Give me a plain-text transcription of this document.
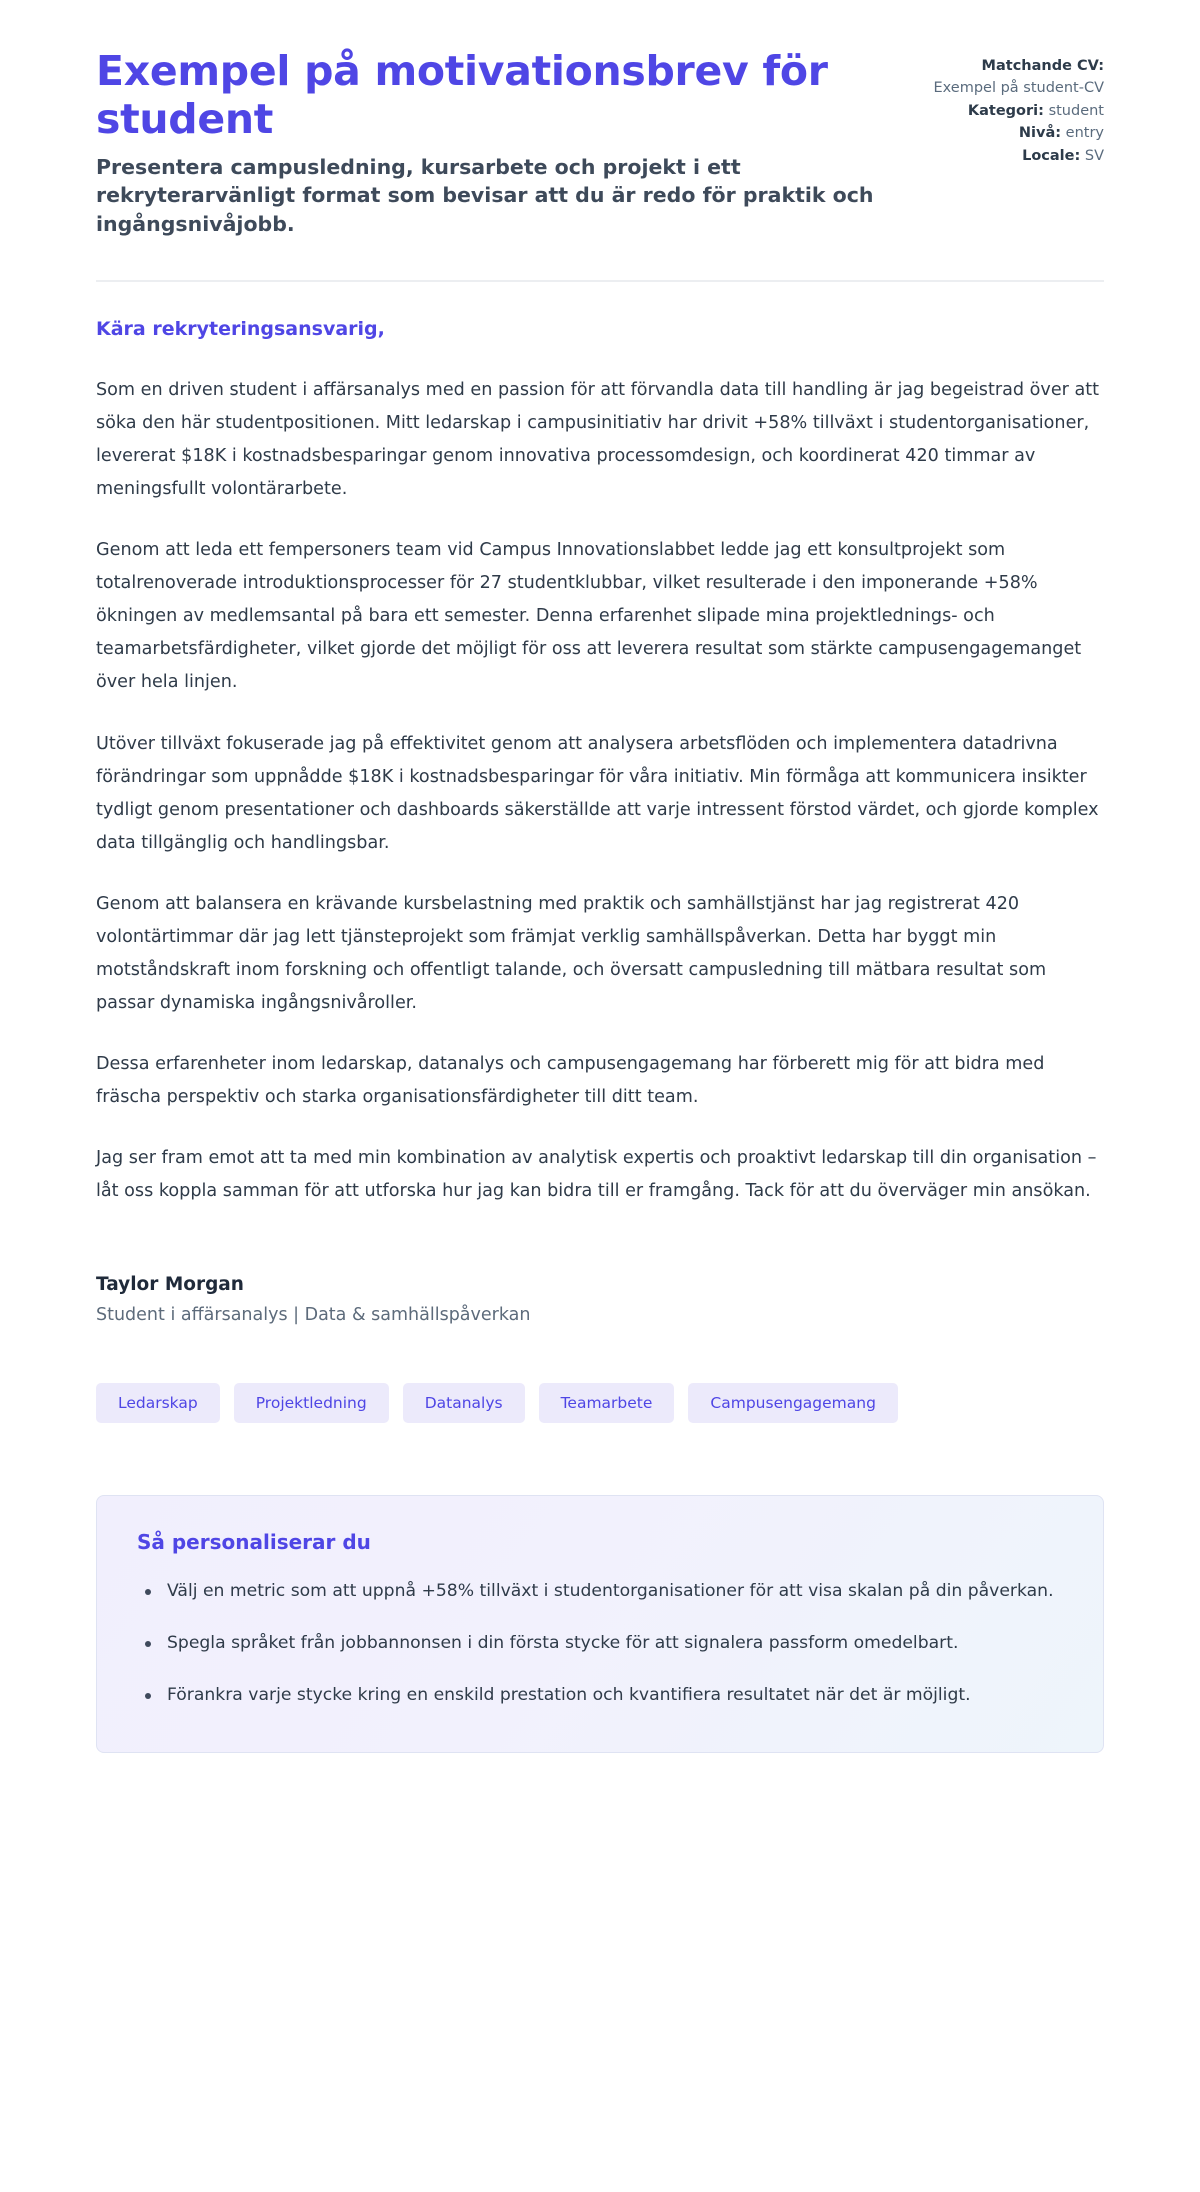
Exempel på motivationsbrev för student

Presentera campusledning, kursarbete och projekt i ett rekryterarvänligt format som bevisar att du är redo för praktik och ingångsnivåjobb.

Matchande CV: Exempel på student-CV
Kategori: student
Nivå: entry
Locale: SV

Kära rekryteringsansvarig,

Som en driven student i affärsanalys med en passion för att förvandla data till handling är jag begeistrad över att söka den här studentpositionen. Mitt ledarskap i campusinitiativ har drivit +58% tillväxt i studentorganisationer, levererat $18K i kostnadsbesparingar genom innovativa processomdesign, och koordinerat 420 timmar av meningsfullt volontärarbete.

Genom att leda ett fempersoners team vid Campus Innovationslabbet ledde jag ett konsultprojekt som totalrenoverade introduktionsprocesser för 27 studentklubbar, vilket resulterade i den imponerande +58% ökningen av medlemsantal på bara ett semester. Denna erfarenhet slipade mina projektlednings- och teamarbetsfärdigheter, vilket gjorde det möjligt för oss att leverera resultat som stärkte campusengagemanget över hela linjen.

Utöver tillväxt fokuserade jag på effektivitet genom att analysera arbetsflöden och implementera datadrivna förändringar som uppnådde $18K i kostnadsbesparingar för våra initiativ. Min förmåga att kommunicera insikter tydligt genom presentationer och dashboards säkerställde att varje intressent förstod värdet, och gjorde komplex data tillgänglig och handlingsbar.

Genom att balansera en krävande kursbelastning med praktik och samhällstjänst har jag registrerat 420 volontärtimmar där jag lett tjänsteprojekt som främjat verklig samhällspåverkan. Detta har byggt min motståndskraft inom forskning och offentligt talande, och översatt campusledning till mätbara resultat som passar dynamiska ingångsnivåroller.

Dessa erfarenheter inom ledarskap, datanalys och campusengagemang har förberett mig för att bidra med fräscha perspektiv och starka organisationsfärdigheter till ditt team.

Jag ser fram emot att ta med min kombination av analytisk expertis och proaktivt ledarskap till din organisation – låt oss koppla samman för att utforska hur jag kan bidra till er framgång. Tack för att du överväger min ansökan.

Taylor Morgan

Student i affärsanalys | Data & samhällspåverkan

Ledarskap	Projektledning	Datanalys	Teamarbete	Campusengagemang
Så personaliserar du
Välj en metric som att uppnå +58% tillväxt i studentorganisationer för att visa skalan på din påverkan.
Spegla språket från jobbannonsen i din första stycke för att signalera passform omedelbart.
Förankra varje stycke kring en enskild prestation och kvantifiera resultatet när det är möjligt.
